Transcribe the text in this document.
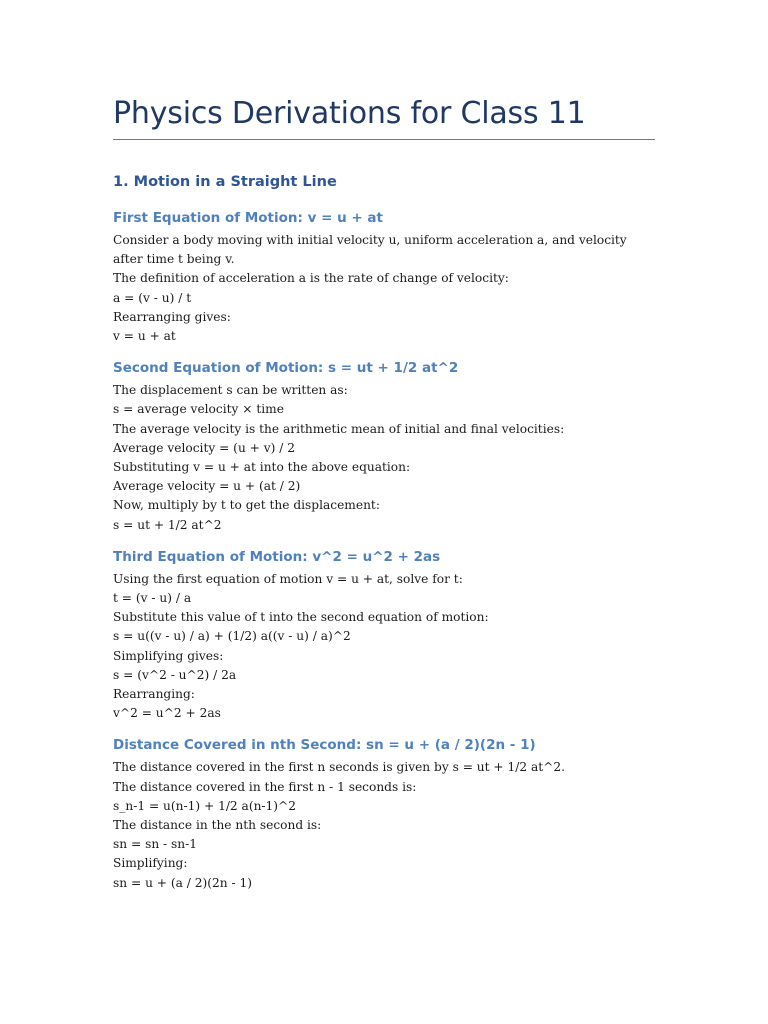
Physics Derivations for Class 11
1. Motion in a Straight Line
First Equation of Motion: v = u + at
Consider a body moving with initial velocity u, uniform acceleration a, and velocity after time t being v.
The definition of acceleration a is the rate of change of velocity:
a = (v - u) / t
Rearranging gives:
v = u + at
Second Equation of Motion: s = ut + 1/2 at^2
The displacement s can be written as:
s = average velocity × time
The average velocity is the arithmetic mean of initial and final velocities:
Average velocity = (u + v) / 2
Substituting v = u + at into the above equation:
Average velocity = u + (at / 2)
Now, multiply by t to get the displacement:
s = ut + 1/2 at^2
Third Equation of Motion: v^2 = u^2 + 2as
Using the first equation of motion v = u + at, solve for t:
t = (v - u) / a
Substitute this value of t into the second equation of motion:
s = u((v - u) / a) + (1/2) a((v - u) / a)^2
Simplifying gives:
s = (v^2 - u^2) / 2a
Rearranging:
v^2 = u^2 + 2as
Distance Covered in nth Second: sn = u + (a / 2)(2n - 1)
The distance covered in the first n seconds is given by s = ut + 1/2 at^2.
The distance covered in the first n - 1 seconds is:
s_n-1 = u(n-1) + 1/2 a(n-1)^2
The distance in the nth second is:
sn = sn - sn-1
Simplifying:
sn = u + (a / 2)(2n - 1)
